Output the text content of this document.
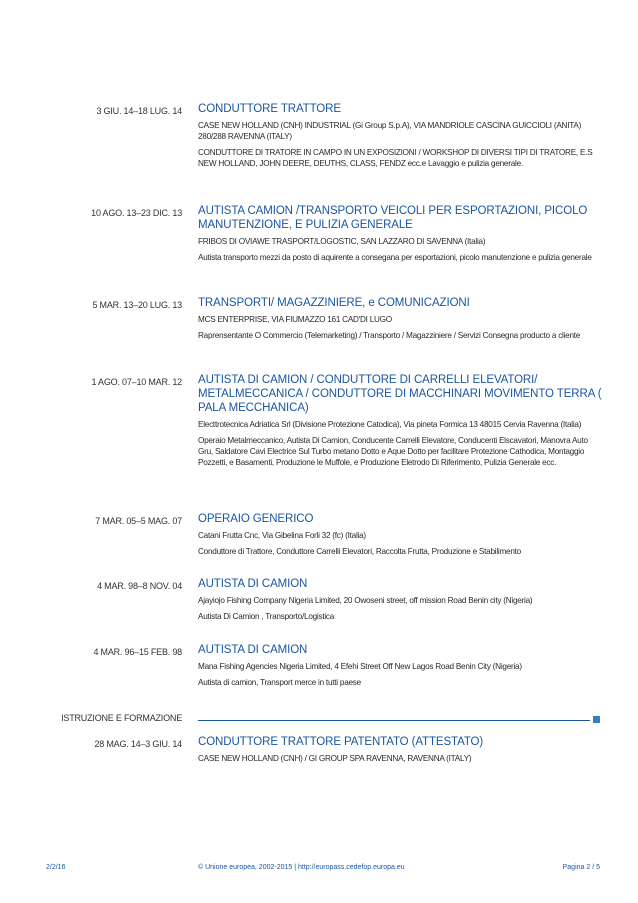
3 GIU. 14–18 LUG. 14 CONDUTTORE TRATTORE
CASE NEW HOLLAND (CNH) INDUSTRIAL (Gi Group S.p.A), VIA MANDRIOLE CASCINA GUICCIOLI (ANITA) 280/288 RAVENNA (ITALY)
CONDUTTORE DI TRATORE IN CAMPO IN UN EXPOSIZIONI / WORKSHOP DI DIVERSI TIPI DI TRATORE, E.S NEW HOLLAND, JOHN DEERE, DEUTHS, CLASS, FENDZ ecc.e Lavaggio e pulizia generale.
10 AGO. 13–23 DIC. 13 AUTISTA CAMION /TRANSPORTO VEICOLI PER ESPORTAZIONI, PICOLO MANUTENZIONE, E PULIZIA GENERALE
FRIBOS DI OVIAWE TRASPORT/LOGOSTIC, SAN LAZZARO DI SAVENNA (Italia)
Autista transporto mezzi da posto di aquirente a consegana per esportazioni, picolo manutenzione e pulizia generale
5 MAR. 13–20 LUG. 13 TRANSPORTI/ MAGAZZINIERE, e COMUNICAZIONI
MCS ENTERPRISE, VIA FIUMAZZO 161 CAD'DI LUGO
Raprensentante O Commercio (Telemarketing) / Transporto / Magazziniere / Servizi Consegna producto a cliente
1 AGO. 07–10 MAR. 12 AUTISTA DI CAMION / CONDUTTORE DI CARRELLI ELEVATORI/ METALMECCANICA / CONDUTTORE DI MACCHINARI MOVIMENTO TERRA ( PALA MECCHANICA)
Electtrotecnica Adriatica Srl (Divisione Protezione Catodica), Via pineta Formica 13 48015 Cervia Ravenna (Italia)
Operaio Metalmeccanico, Autista Di Camion, Conducente Carrelli Elevatore, Conducenti Elscavatori, Manovra Auto Gru, Saldatore Cavi Electrice Sul Turbo metano Dotto e Aque Dotto per facilitare Protezione Cathodica, Montaggio Pozzetti, e Basamenti, Produzione le Muffole, e Produzione Eletrodo Di Riferimento, Pulizia Generale ecc.
7 MAR. 05–5 MAG. 07 OPERAIO GENERICO
Catani Frutta Cnc, Via Gibelina Forli 32 (fc) (Italia)
Conduttore di Trattore, Conduttore Carrelli Elevatori, Raccolta Frutta, Produzione e Stabilimento
4 MAR. 98–8 NOV. 04 AUTISTA DI CAMION
Ajayiojo Fishing Company Nigeria Limited, 20 Owoseni street, off mission Road Benin city (Nigeria)
Autista Di Camion , Transporto/Logistica
4 MAR. 96–15 FEB. 98 AUTISTA DI CAMION
Mana Fishing Agencies Nigeria Limited, 4 Efehi Street Off New Lagos Road Benin City (Nigeria)
Autista di camion, Transport merce in tutti paese
ISTRUZIONE E FORMAZIONE
28 MAG. 14–3 GIU. 14 CONDUTTORE TRATTORE PATENTATO (ATTESTATO)
CASE NEW HOLLAND (CNH) / GI GROUP SPA RAVENNA, RAVENNA (ITALY)
2/2/16	© Unione europea, 2002-2015 | http://europass.cedefop.europa.eu	Pagina 2 / 5
